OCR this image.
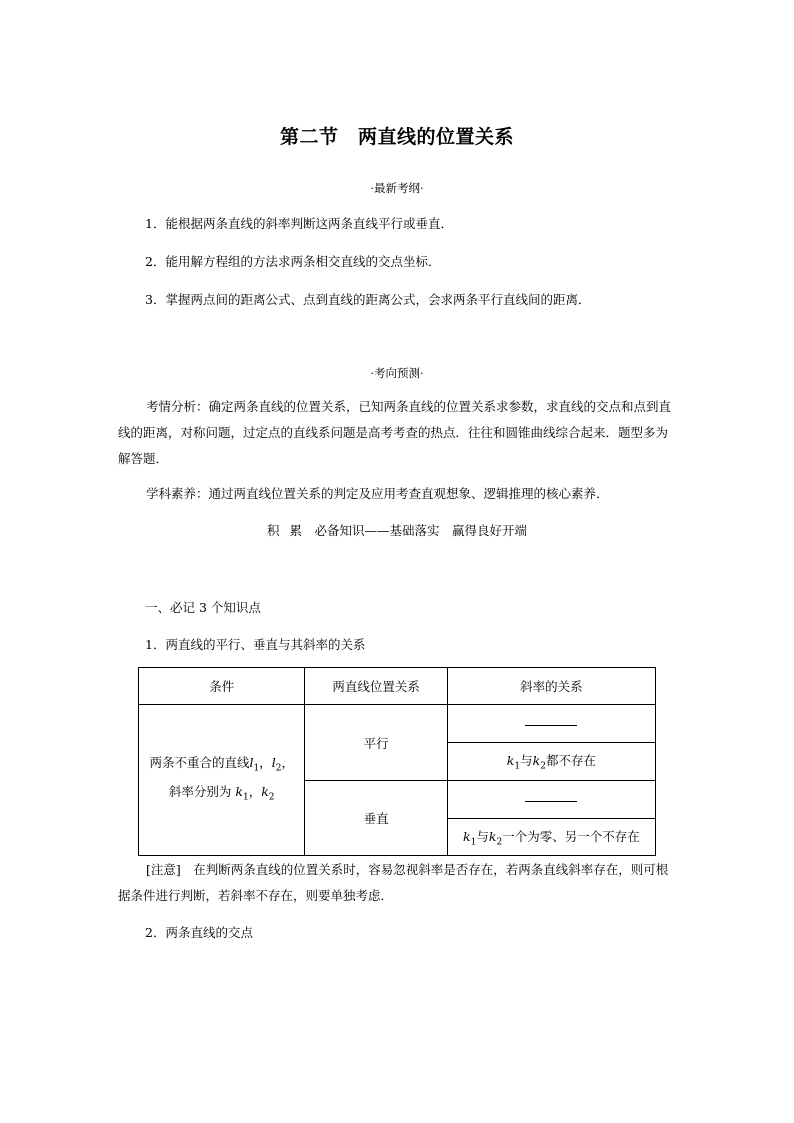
第二节　两直线的位置关系
·最新考纲·
1．能根据两条直线的斜率判断这两条直线平行或垂直．
2．能用解方程组的方法求两条相交直线的交点坐标．
3．掌握两点间的距离公式、点到直线的距离公式，会求两条平行直线间的距离．
·考向预测·
考情分析：确定两条直线的位置关系，已知两条直线的位置关系求参数，求直线的交点和点到直线的距离，对称问题，过定点的直线系问题是高考考查的热点．往往和圆锥曲线综合起来．题型多为解答题．
学科素养：通过两直线位置关系的判定及应用考查直观想象、逻辑推理的核心素养．
积 累　必备知识——基础落实　赢得良好开端
一、必记 3 个知识点
1．两直线的平行、垂直与其斜率的关系
条件	两直线位置关系	斜率的关系
两条不重合的直线$l_1$，$l_2$，
斜率分别为 $k_1$，$k_2$	平行	
		$k_1$与$k_2$都不存在
	垂直	
		$k_1$与$k_2$一个为零、另一个不存在
[注意]　在判断两条直线的位置关系时，容易忽视斜率是否存在，若两条直线斜率存在，则可根据条件进行判断，若斜率不存在，则要单独考虑．
2．两条直线的交点
